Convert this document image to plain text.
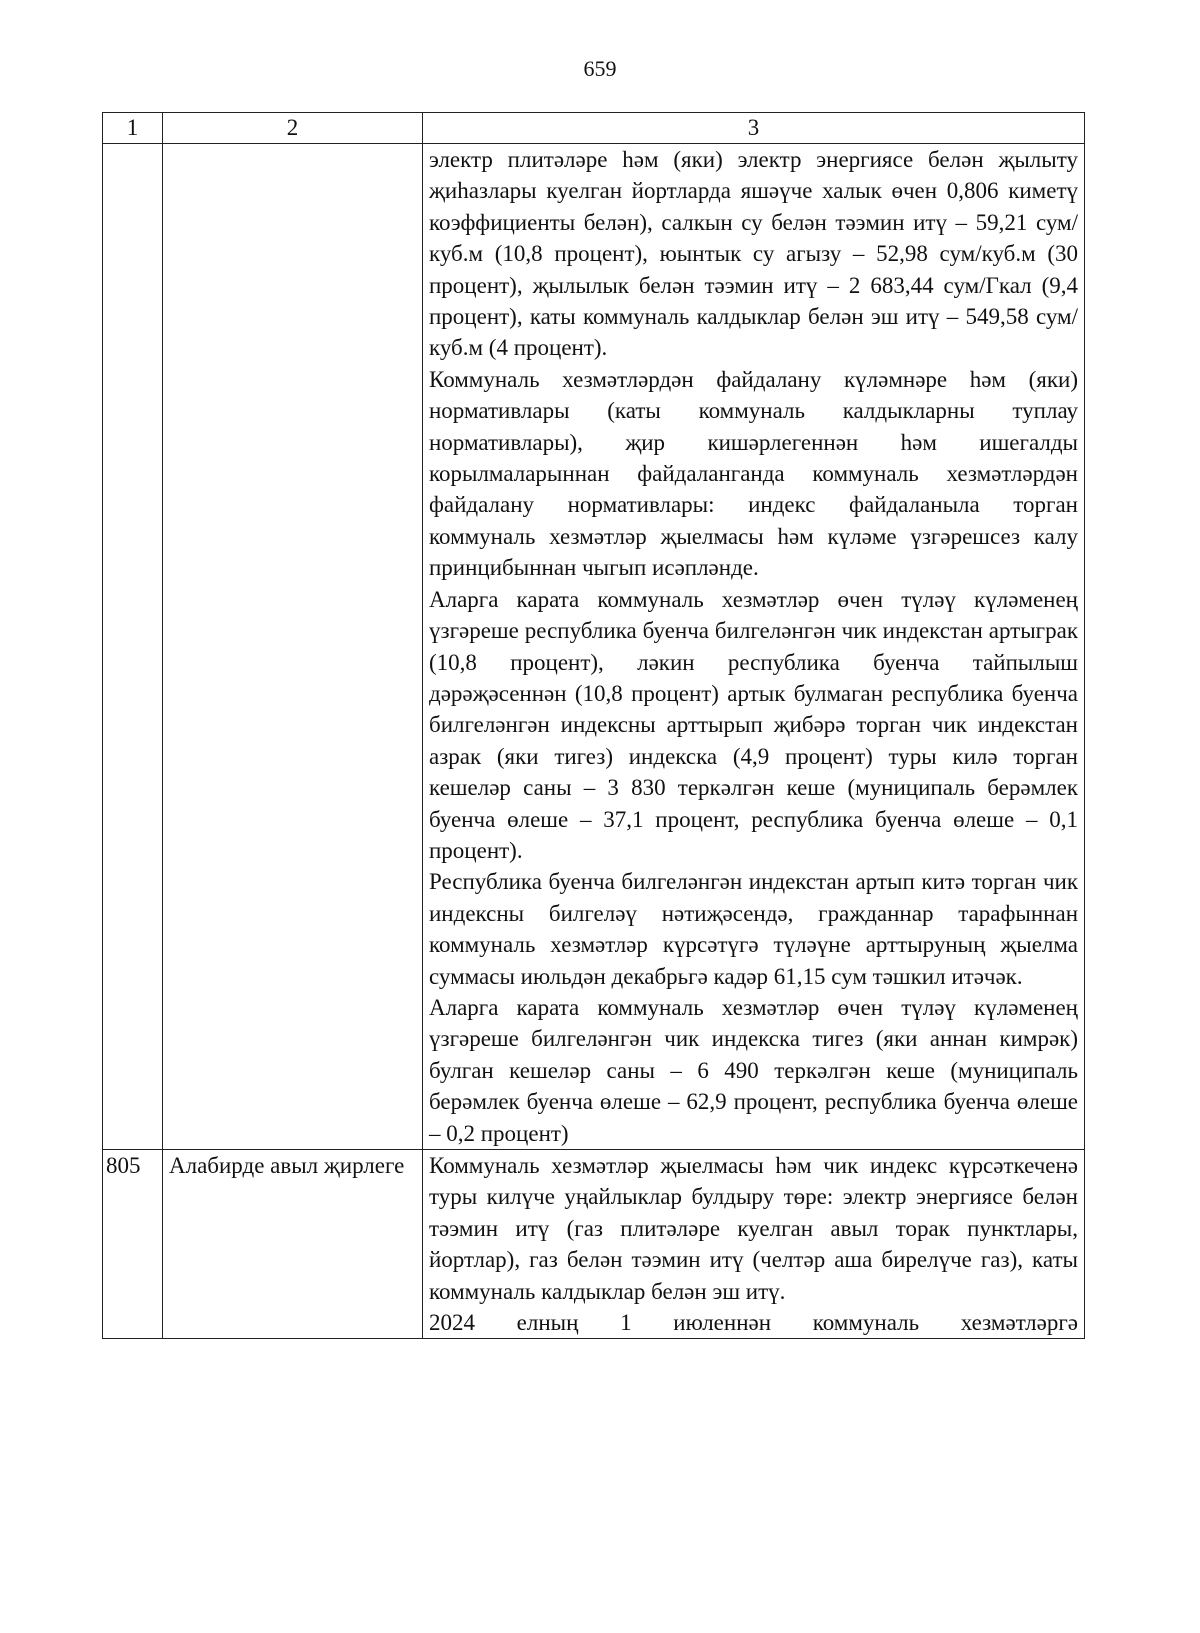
659
1	2	3

		электр плитәләре һәм (яки) электр энергиясе белән җылыту җиһазлары куелган йортларда яшәүче халык өчен 0,806 киметү коэффициенты белән), салкын су белән тәэмин итү – 59,21 сум/куб.м (10,8 процент), юынтык су агызу – 52,98 сум/куб.м (30 процент), җылылык белән тәэмин итү – 2 683,44 сум/Гкал (9,4 процент), каты коммуналь калдыклар белән эш итү – 549,58 сум/куб.м (4 процент).

Коммуналь хезмәтләрдән файдалану күләмнәре һәм (яки) нормативлары (каты коммуналь калдыкларны туплау нормативлары), җир кишәрлегеннән һәм ишегалды корылмаларыннан файдаланганда коммуналь хезмәтләрдән файдалану нормативлары: индекс файдаланыла торган коммуналь хезмәтләр җыелмасы һәм күләме үзгәрешсез калу принцибыннан чыгып исәпләнде.

Аларга карата коммуналь хезмәтләр өчен түләү күләменең үзгәреше республика буенча билгеләнгән чик индекстан артыграк (10,8 процент), ләкин республика буенча тайпылыш дәрәҗәсеннән (10,8 процент) артык булмаган республика буенча билгеләнгән индексны арттырып җибәрә торган чик индекстан азрак (яки тигез) индекска (4,9 процент) туры килә торган кешеләр саны – 3 830 теркәлгән кеше (муниципаль берәмлек буенча өлеше – 37,1 процент, республика буенча өлеше – 0,1 процент).

Республика буенча билгеләнгән индекстан артып китә торган чик индексны билгеләү нәтиҗәсендә, гражданнар тарафыннан коммуналь хезмәтләр күрсәтүгә түләүне арттыруның җыелма суммасы июльдән декабрьгә кадәр 61,15 сум тәшкил итәчәк.

Аларга карата коммуналь хезмәтләр өчен түләү күләменең үзгәреше билгеләнгән чик индекска тигез (яки аннан кимрәк) булган кешеләр саны – 6 490 теркәлгән кеше (муниципаль берәмлек буенча өлеше – 62,9 процент, республика буенча өлеше – 0,2 процент)

805	Алабирде авыл җирлеге	Коммуналь хезмәтләр җыелмасы һәм чик индекс күрсәткеченә туры килүче уңайлыклар булдыру төре: электр энергиясе белән тәэмин итү (газ плитәләре куелган авыл торак пунктлары, йортлар), газ белән тәэмин итү (челтәр аша бирелүче газ), каты коммуналь калдыклар белән эш итү.

2024 елның 1 июленнән коммуналь хезмәтләргә
